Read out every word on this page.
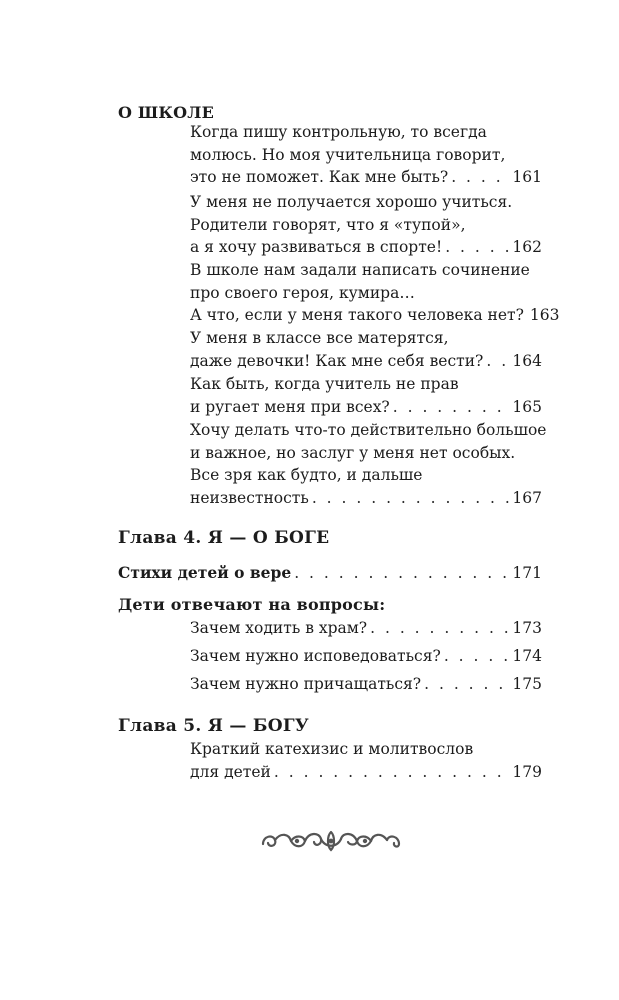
О ШКОЛЕ
Когда пишу контрольную, то всегда
молюсь. Но моя учительница говорит,
это не поможет. Как мне быть? . . .	161
У меня не получается хорошо учиться.
Родители говорят, что я «тупой»,
а я хочу развиваться в спорте! . . .	162
В школе нам задали написать сочинение
про своего героя, кумира…
А что, если у меня такого человека нет? 163
У меня в классе все матерятся,
даже девочки! Как мне себя вести? . . . 164
Как быть, когда учитель не прав
и ругает меня при всех? . . .	165
Хочу делать что-то действительно большое
и важное, но заслуг у меня нет особых.
Все зря как будто, и дальше
неизвестность . . .	167
Глава 4. Я — О БОГЕ
Стихи детей о вере . . .	171
Дети отвечают на вопросы:
Зачем ходить в храм? . . .	173
Зачем нужно исповедоваться? . . .	174
Зачем нужно причащаться? . . .	175
Глава 5. Я — БОГУ
Краткий катехизис и молитвослов
для детей . . .	179
